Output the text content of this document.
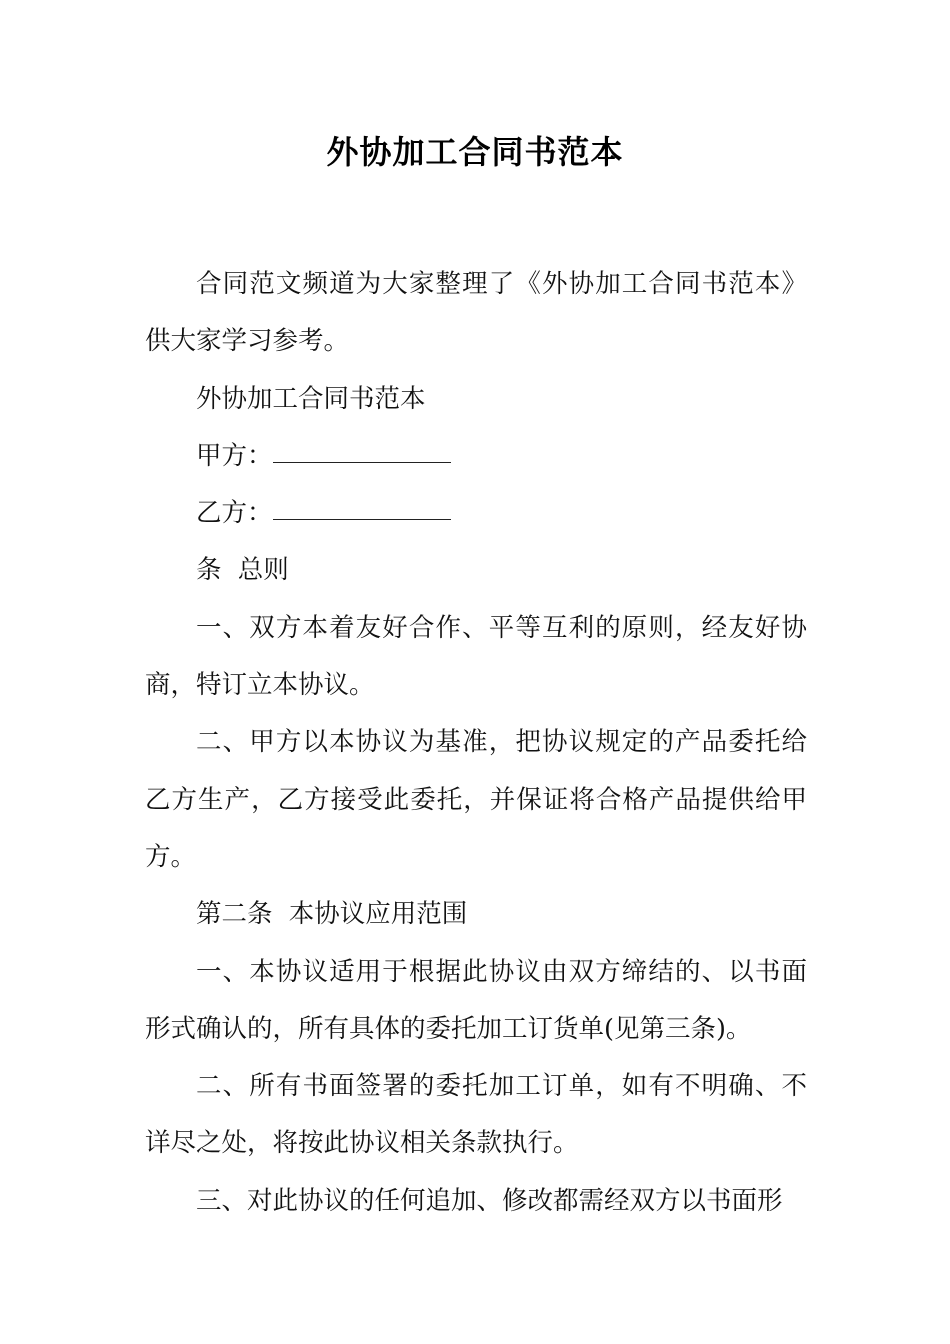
外协加工合同书范本

合同范文频道为大家整理了《外协加工合同书范本》供大家学习参考。

外协加工合同书范本

甲方：

乙方：

条  总则

一、双方本着友好合作、平等互利的原则，经友好协商，特订立本协议。

二、甲方以本协议为基准，把协议规定的产品委托给乙方生产，乙方接受此委托，并保证将合格产品提供给甲方。

第二条  本协议应用范围

一、本协议适用于根据此协议由双方缔结的、以书面形式确认的，所有具体的委托加工订货单(见第三条)。

二、所有书面签署的委托加工订单，如有不明确、不详尽之处，将按此协议相关条款执行。

三、对此协议的任何追加、修改都需经双方以书面形
